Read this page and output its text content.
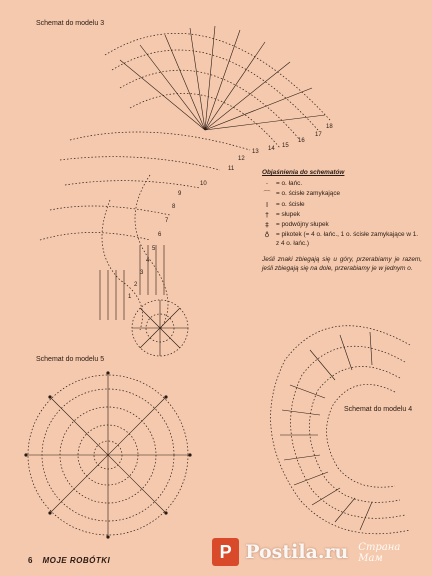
Schemat do modelu 3
Schemat do modelu 5
Schemat do modelu 4
18
17
16
15
14
13
12
11
10
9
8
7
6
5
4
3
2
1
Objaśnienia do schematów
·	= o. łańc.
⌒ = o. ścisłe zamykające
I	= o. ścisłe
†	= słupek
‡	= podwójny słupek
♁	= pikotek (= 4 o. łańc., 1 o. ścisłe zamykające w 1. z 4 o. łańc.)
Jeśli znaki zbiegają się u góry, przerabiamy je razem, jeśli zbiegają się na dole, przerabiamy je w jednym o.
6 MOJE ROBÓTKI	P Postila.ru Страна Мам
